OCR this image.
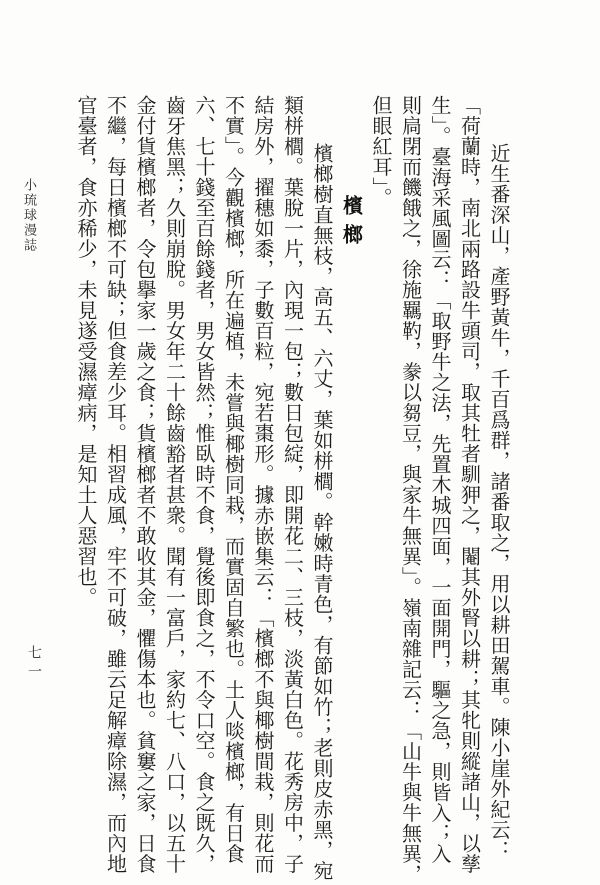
小琉球漫誌
七一	近生番深山，產野黃牛，千百爲群，諸番取之，用以耕田駕車。陳小崖外紀云：
「荷蘭時，南北兩路設牛頭司，取其牡者馴狎之，閹其外腎以耕；其牝則縱諸山，以孳
生」。臺海采風圖云：「取野牛之法，先置木城四面，一面開門，驅之急，則皆入；入
則扃閉而饑餓之，徐施羈靮，豢以芻豆，與家牛無異」。嶺南雜記云：「山牛與牛無異，
但眼紅耳」。
檳榔
檳榔樹直無枝，高五、六丈，葉如栟櫚。幹嫩時青色，有節如竹；老則皮赤黑，宛
類栟櫚。葉脫一片，內現一包；數日包綻，即開花二、三枝，淡黃白色。花秀房中，子
結房外，擢穗如黍，子數百粒，宛若棗形。據赤嵌集云：「檳榔不與椰樹間栽，則花而
不實」。今觀檳榔，所在遍植，未嘗與椰樹同栽，而實固自繁也。土人啖檳榔，有日食
六、七十錢至百餘錢者，男女皆然；惟臥時不食，覺後即食之，不令口空。食之既久，
齒牙焦黑；久則崩脫。男女年二十餘齒豁者甚衆。聞有一富戶，家約七、八口，以五十
金付貨檳榔者，令包擧家一歲之食；貨檳榔者不敢收其金，懼傷本也。貧窶之家，日食
不繼，每日檳榔不可缺；但食差少耳。相習成風，牢不可破，雖云足解瘴除濕，而內地
官臺者，食亦稀少，未見遂受濕瘴病，是知土人惡習也。
